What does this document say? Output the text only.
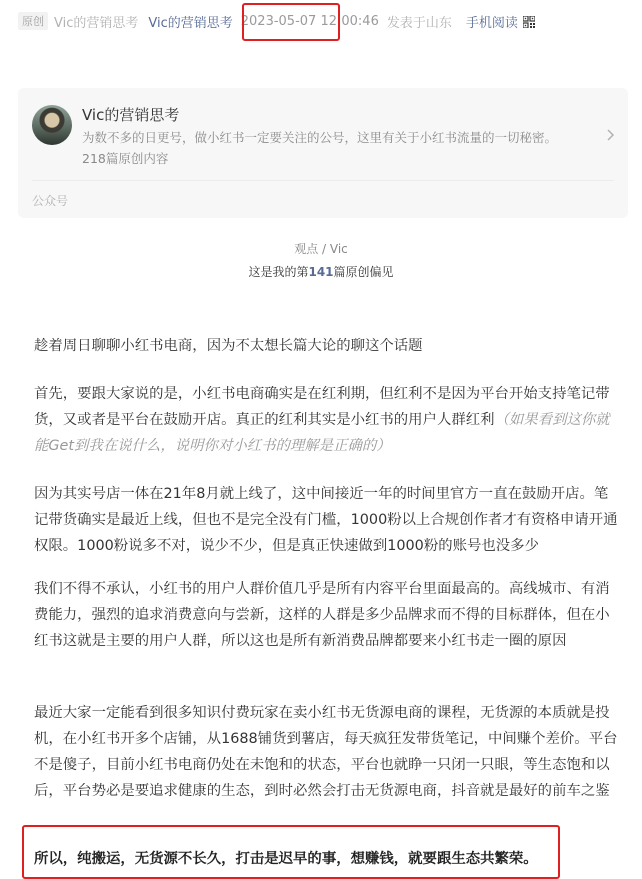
原创 Vic的营销思考 Vic的营销思考 2023-05-07 12:00:46 发表于山东 手机阅读
Vic的营销思考
为数不多的日更号，做小红书一定要关注的公号，这里有关于小红书流量的一切秘密。
218篇原创内容
公众号
观点 / Vic
这是我的第141篇原创偏见

趁着周日聊聊小红书电商，因为不太想长篇大论的聊这个话题

首先，要跟大家说的是，小红书电商确实是在红利期，但红利不是因为平台开始支持笔记带货，又或者是平台在鼓励开店。真正的红利其实是小红书的用户人群红利（如果看到这你就能Get到我在说什么，说明你对小红书的理解是正确的）

因为其实号店一体在21年8月就上线了，这中间接近一年的时间里官方一直在鼓励开店。笔记带货确实是最近上线，但也不是完全没有门槛，1000粉以上合规创作者才有资格申请开通权限。1000粉说多不对，说少不少，但是真正快速做到1000粉的账号也没多少

我们不得不承认，小红书的用户人群价值几乎是所有内容平台里面最高的。高线城市、有消费能力，强烈的追求消费意向与尝新，这样的人群是多少品牌求而不得的目标群体，但在小红书这就是主要的用户人群，所以这也是所有新消费品牌都要来小红书走一圈的原因

最近大家一定能看到很多知识付费玩家在卖小红书无货源电商的课程，无货源的本质就是投机，在小红书开多个店铺，从1688铺货到薯店，每天疯狂发带货笔记，中间赚个差价。平台不是傻子，目前小红书电商仍处在未饱和的状态，平台也就睁一只闭一只眼，等生态饱和以后，平台势必是要追求健康的生态，到时必然会打击无货源电商，抖音就是最好的前车之鉴

所以，纯搬运，无货源不长久，打击是迟早的事，想赚钱，就要跟生态共繁荣。
